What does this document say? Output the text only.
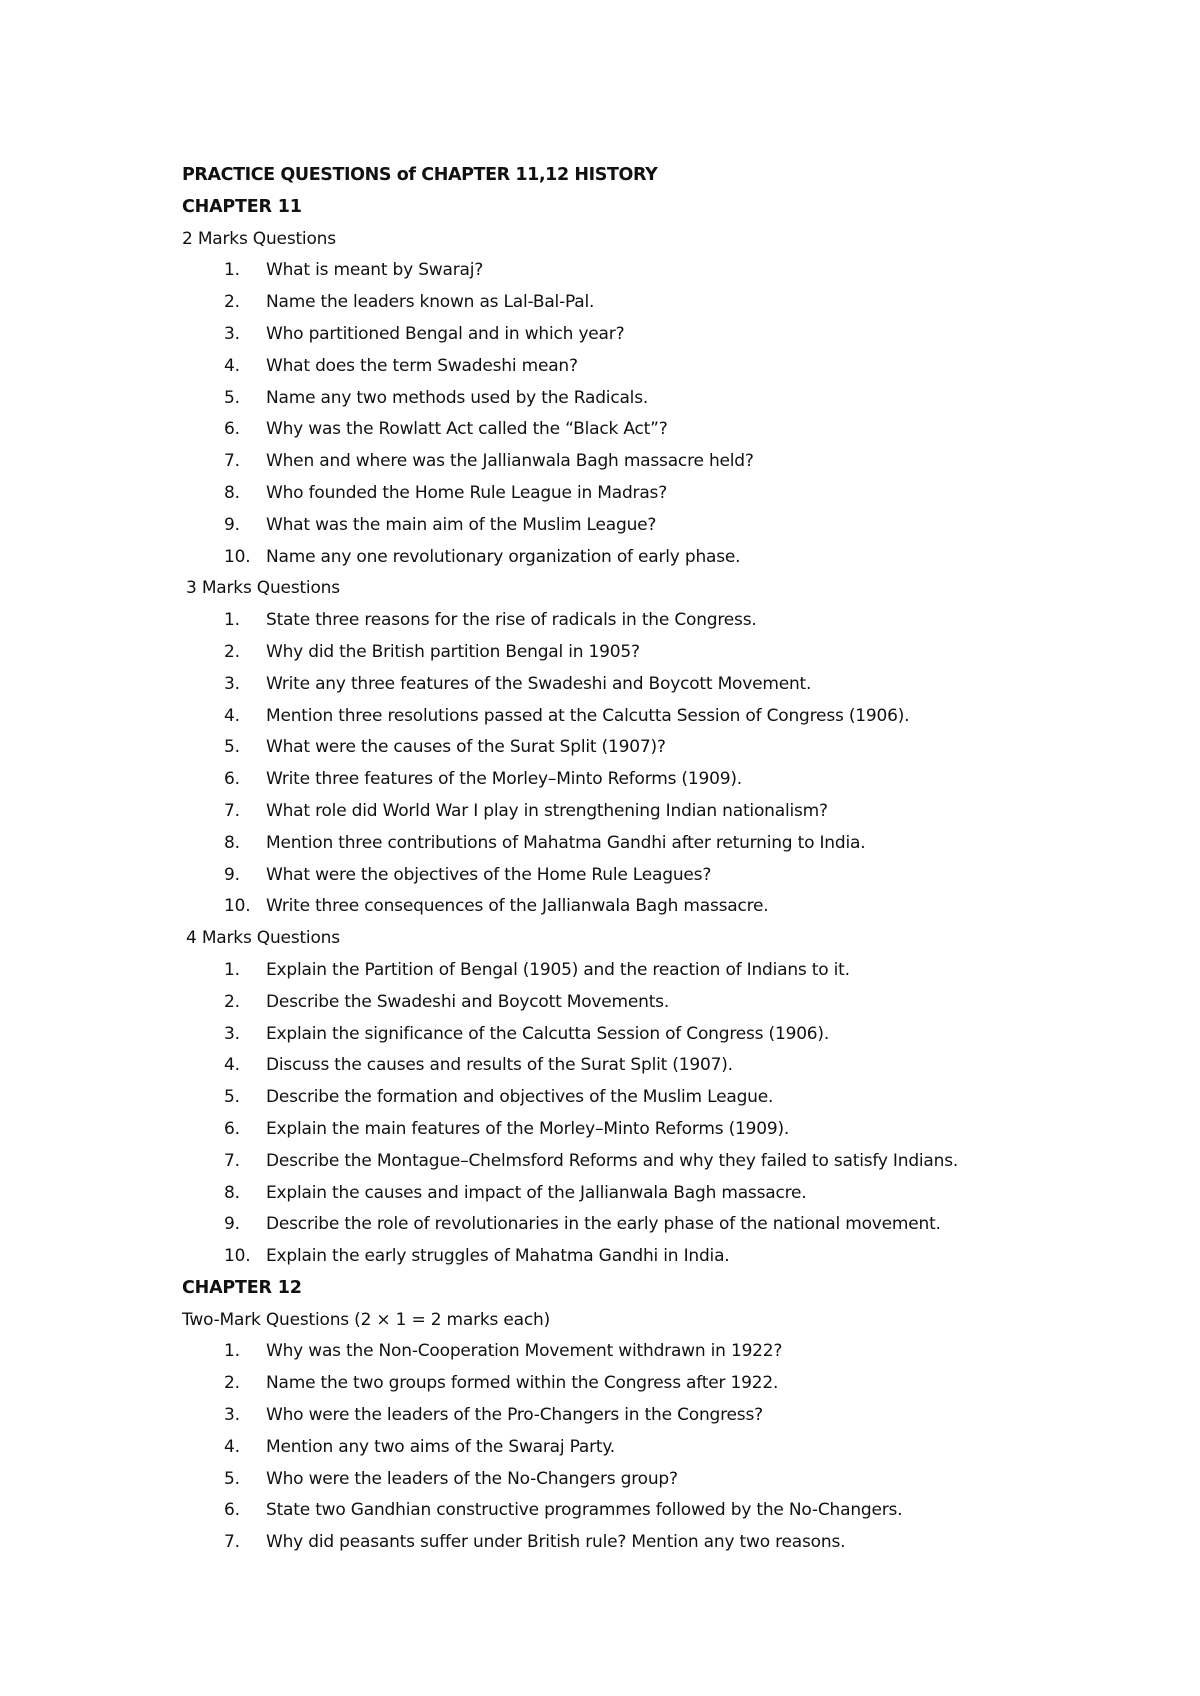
PRACTICE QUESTIONS of CHAPTER 11,12 HISTORY
CHAPTER 11
2 Marks Questions
1.	What is meant by Swaraj?
2.	Name the leaders known as Lal-Bal-Pal.
3.	Who partitioned Bengal and in which year?
4.	What does the term Swadeshi mean?
5.	Name any two methods used by the Radicals.
6.	Why was the Rowlatt Act called the “Black Act”?
7.	When and where was the Jallianwala Bagh massacre held?
8.	Who founded the Home Rule League in Madras?
9.	What was the main aim of the Muslim League?
10. Name any one revolutionary organization of early phase.
3 Marks Questions
1.	State three reasons for the rise of radicals in the Congress.
2.	Why did the British partition Bengal in 1905?
3.	Write any three features of the Swadeshi and Boycott Movement.
4.	Mention three resolutions passed at the Calcutta Session of Congress (1906).
5.	What were the causes of the Surat Split (1907)?
6.	Write three features of the Morley–Minto Reforms (1909).
7.	What role did World War I play in strengthening Indian nationalism?
8.	Mention three contributions of Mahatma Gandhi after returning to India.
9.	What were the objectives of the Home Rule Leagues?
10. Write three consequences of the Jallianwala Bagh massacre.
4 Marks Questions
1.	Explain the Partition of Bengal (1905) and the reaction of Indians to it.
2.	Describe the Swadeshi and Boycott Movements.
3.	Explain the significance of the Calcutta Session of Congress (1906).
4.	Discuss the causes and results of the Surat Split (1907).
5.	Describe the formation and objectives of the Muslim League.
6.	Explain the main features of the Morley–Minto Reforms (1909).
7.	Describe the Montague–Chelmsford Reforms and why they failed to satisfy Indians.
8.	Explain the causes and impact of the Jallianwala Bagh massacre.
9.	Describe the role of revolutionaries in the early phase of the national movement.
10. Explain the early struggles of Mahatma Gandhi in India.
CHAPTER 12
Two-Mark Questions (2 × 1 = 2 marks each)
1.	Why was the Non-Cooperation Movement withdrawn in 1922?
2.	Name the two groups formed within the Congress after 1922.
3.	Who were the leaders of the Pro-Changers in the Congress?
4.	Mention any two aims of the Swaraj Party.
5.	Who were the leaders of the No-Changers group?
6.	State two Gandhian constructive programmes followed by the No-Changers.
7.	Why did peasants suffer under British rule? Mention any two reasons.
